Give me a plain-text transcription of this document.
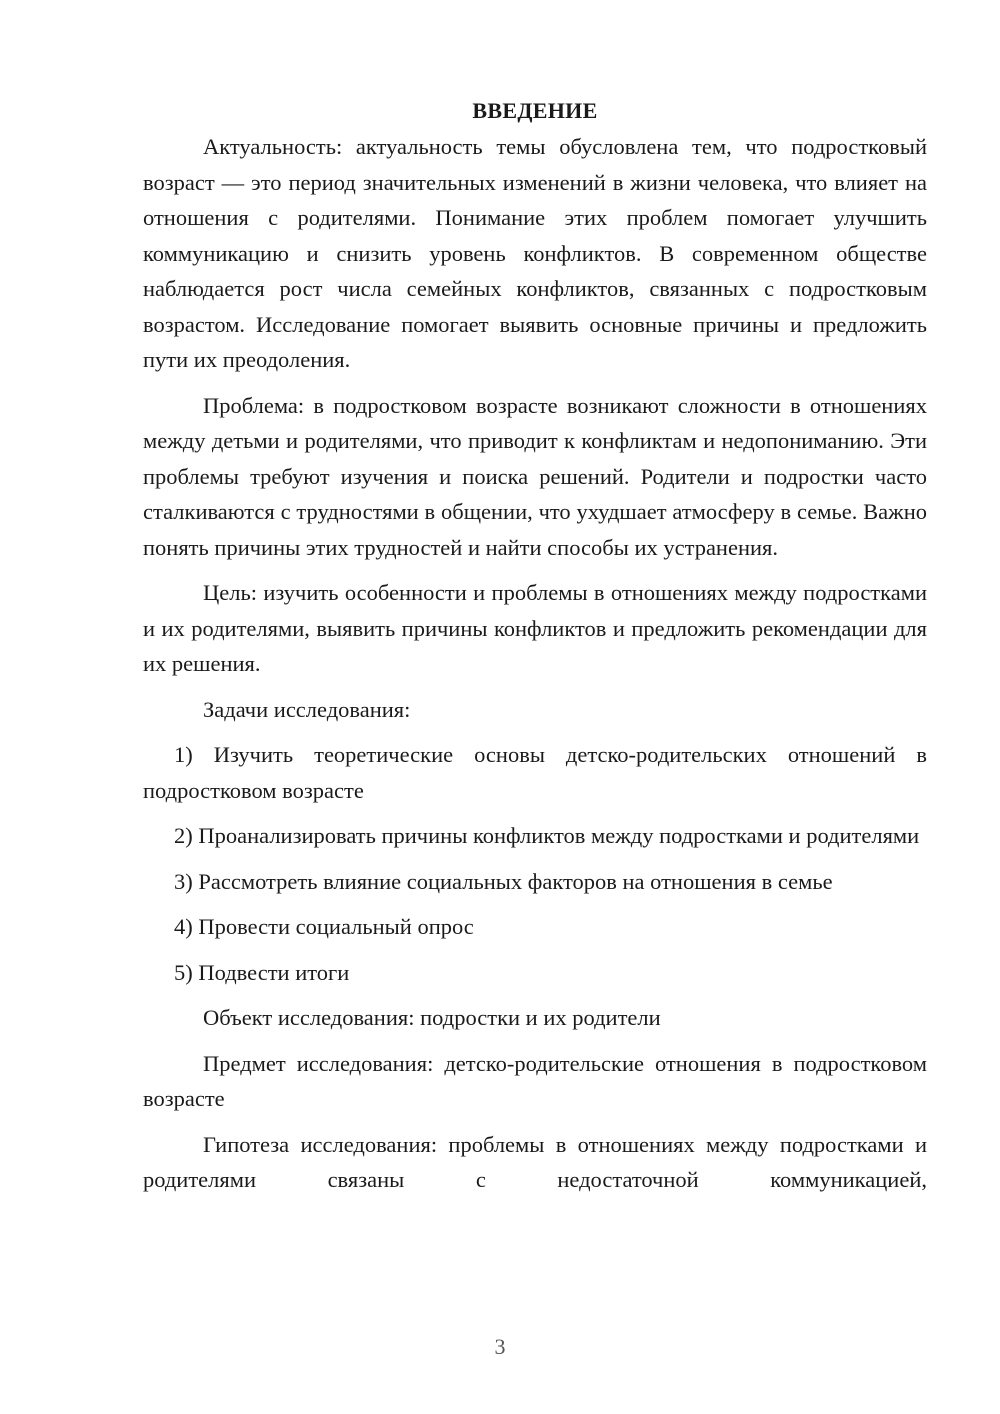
ВВЕДЕНИЕ

Актуальность: актуальность темы обусловлена тем, что подростковый возраст — это период значительных изменений в жизни человека, что влияет на отношения с родителями. Понимание этих проблем помогает улучшить коммуникацию и снизить уровень конфликтов. В современном обществе наблюдается рост числа семейных конфликтов, связанных с подростковым возрастом. Исследование помогает выявить основные причины и предложить пути их преодоления.

Проблема: в подростковом возрасте возникают сложности в отношениях между детьми и родителями, что приводит к конфликтам и недопониманию. Эти проблемы требуют изучения и поиска решений. Родители и подростки часто сталкиваются с трудностями в общении, что ухудшает атмосферу в семье. Важно понять причины этих трудностей и найти способы их устранения.

Цель: изучить особенности и проблемы в отношениях между подростками и их родителями, выявить причины конфликтов и предложить рекомендации для их решения.

Задачи исследования:

1) Изучить теоретические основы детско-родительских отношений в подростковом возрасте

2) Проанализировать причины конфликтов между подростками и родителями

3) Рассмотреть влияние социальных факторов на отношения в семье

4) Провести социальный опрос

5) Подвести итоги

Объект исследования: подростки и их родители

Предмет исследования: детско-родительские отношения в подростковом возрасте

Гипотеза исследования: проблемы в отношениях между подростками и родителями связаны с недостаточной коммуникацией,

3
